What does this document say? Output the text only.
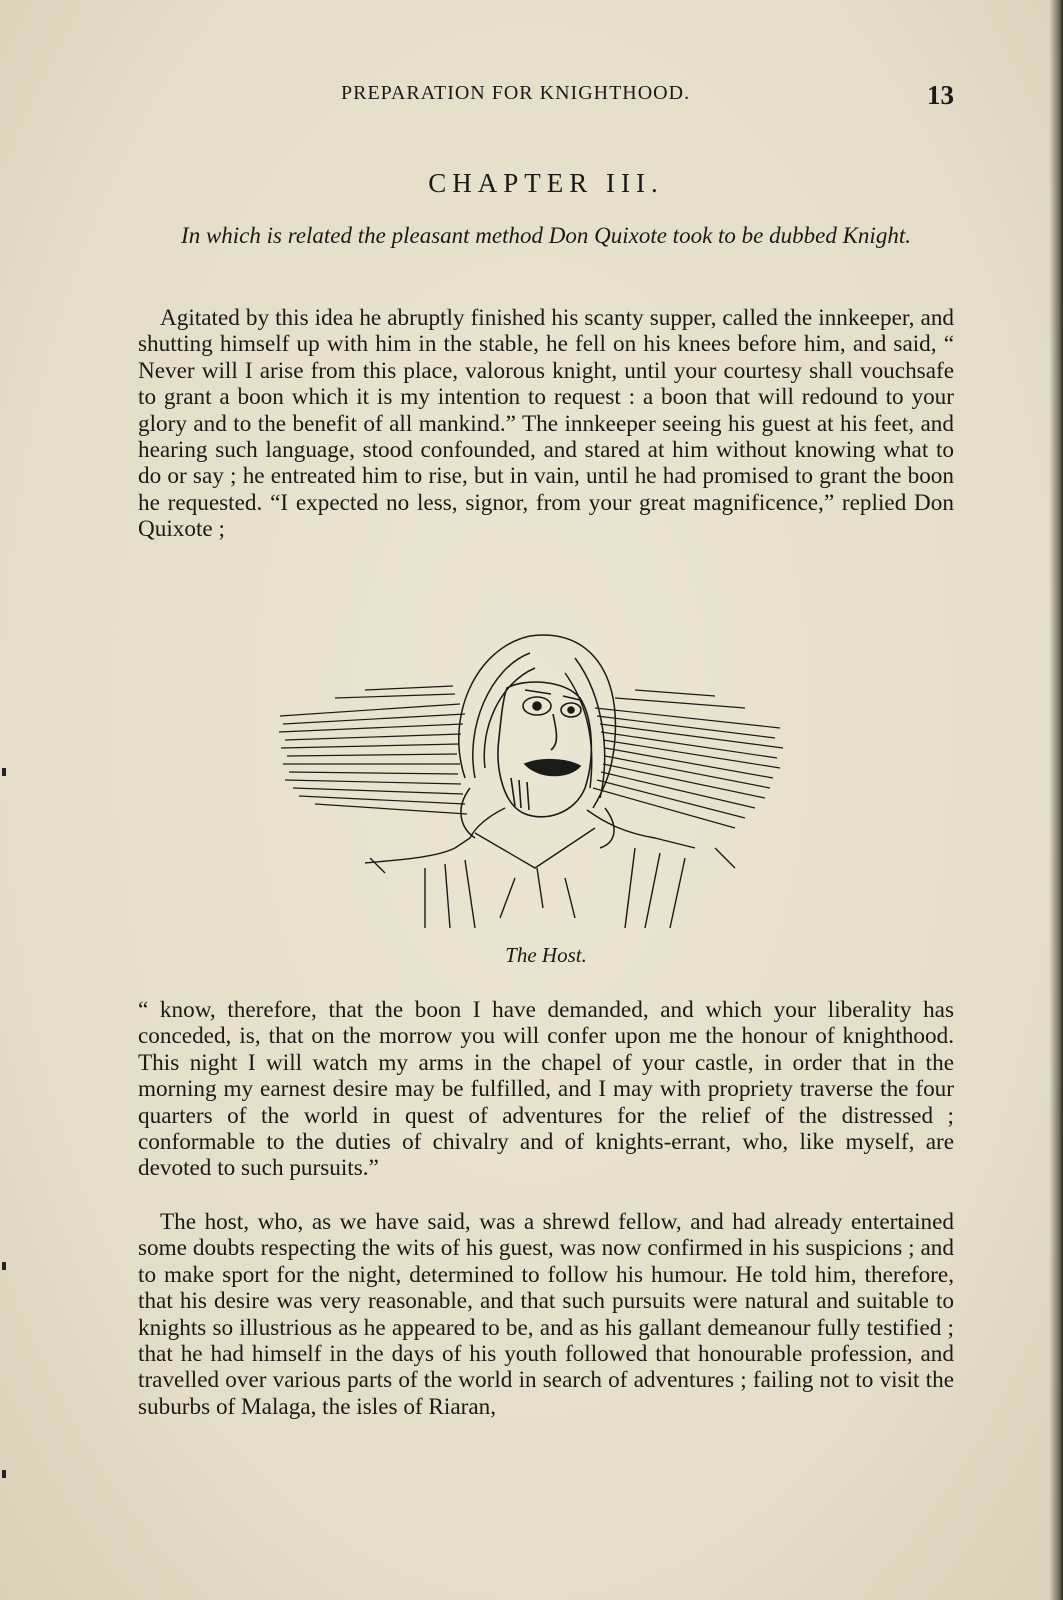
PREPARATION FOR KNIGHTHOOD.	13
CHAPTER III.
In which is related the pleasant method Don Quixote took to be dubbed Knight.

Agitated by this idea he abruptly finished his scanty supper, called the innkeeper, and shutting himself up with him in the stable, he fell on his knees before him, and said, “ Never will I arise from this place, valorous knight, until your courtesy shall vouchsafe to grant a boon which it is my intention to request : a boon that will redound to your glory and to the benefit of all mankind.” The innkeeper seeing his guest at his feet, and hearing such language, stood confounded, and stared at him without knowing what to do or say ; he entreated him to rise, but in vain, until he had promised to grant the boon he requested. “I expected no less, signor, from your great magnificence,” replied Don Quixote ;

The Host.

“ know, therefore, that the boon I have demanded, and which your liberality has conceded, is, that on the morrow you will confer upon me the honour of knighthood. This night I will watch my arms in the chapel of your castle, in order that in the morning my earnest desire may be fulfilled, and I may with propriety traverse the four quarters of the world in quest of adventures for the relief of the distressed ; conformable to the duties of chivalry and of knights-errant, who, like myself, are devoted to such pursuits.”

The host, who, as we have said, was a shrewd fellow, and had already entertained some doubts respecting the wits of his guest, was now confirmed in his suspicions ; and to make sport for the night, determined to follow his humour. He told him, therefore, that his desire was very reasonable, and that such pursuits were natural and suitable to knights so illustrious as he appeared to be, and as his gallant demeanour fully testified ; that he had himself in the days of his youth followed that honourable profession, and travelled over various parts of the world in search of adventures ; failing not to visit the suburbs of Malaga, the isles of Riaran,
